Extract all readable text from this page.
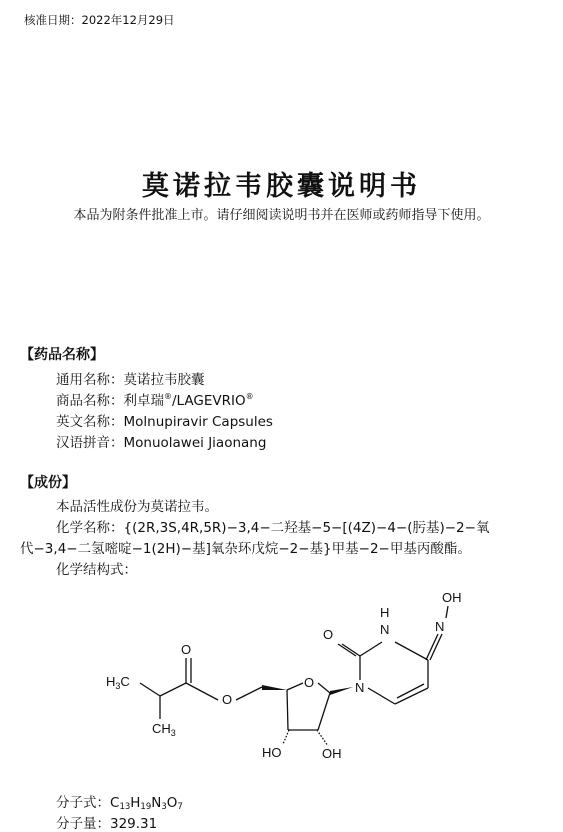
核准日期：2022年12月29日
莫诺拉韦胶囊说明书
本品为附条件批准上市。请仔细阅读说明书并在医师或药师指导下使用。
【药品名称】
通用名称：莫诺拉韦胶囊
商品名称：利卓瑞®/LAGEVRIO®
英文名称：Molnupiravir Capsules
汉语拼音：Monuolawei Jiaonang
【成份】
本品活性成份为莫诺拉韦。
化学名称：{(2R,3S,4R,5R)−3,4−二羟基−5−[(4Z)−4−(肟基)−2−氧
代−3,4−二氢嘧啶−1(2H)−基]氧杂环戊烷−2−基}甲基−2−甲基丙酸酯。
化学结构式：
OH
N
H
N
O
N
O
O
O
$H_3C$
$CH_3$
HO	OH
分子式：$C_{13}H_{19}N_3O_7$
分子量：329.31
